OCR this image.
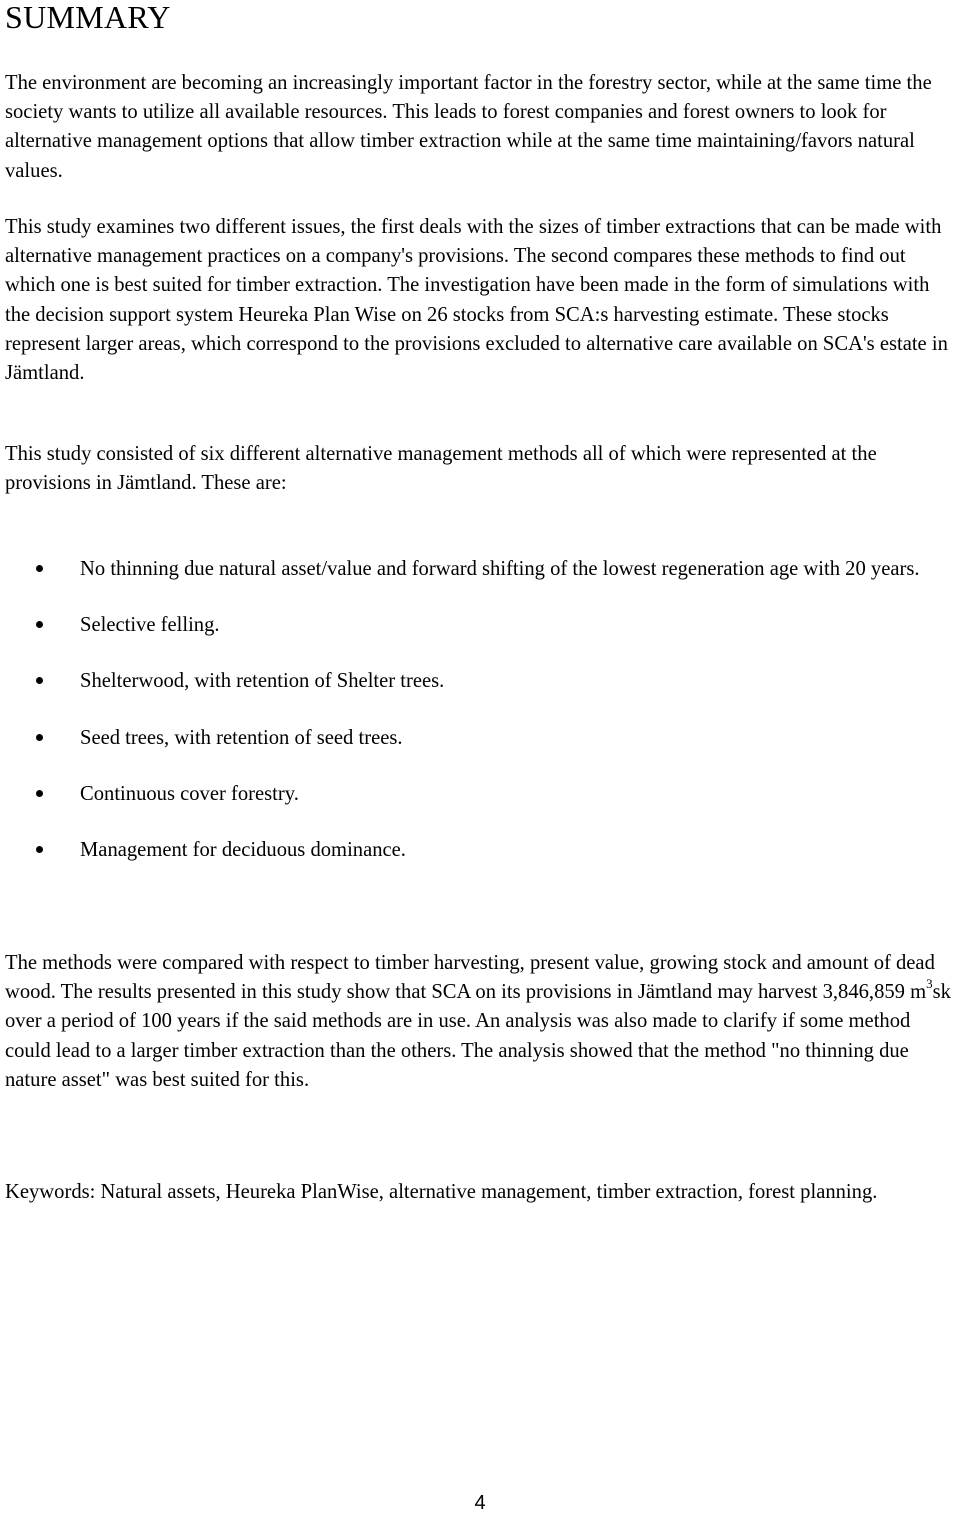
SUMMARY

The environment are becoming an increasingly important factor in the forestry sector, while at the same time the society wants to utilize all available resources. This leads to forest companies and forest owners to look for alternative management options that allow timber extraction while at the same time maintaining/favors natural values.

This study examines two different issues, the first deals with the sizes of timber extractions that can be made with alternative management practices on a company's provisions. The second compares these methods to find out which one is best suited for timber extraction. The investigation have been made in the form of simulations with the decision support system Heureka Plan Wise on 26 stocks from SCA:s harvesting estimate. These stocks represent larger areas, which correspond to the provisions excluded to alternative care available on SCA's estate in Jämtland.

This study consisted of six different alternative management methods all of which were represented at the provisions in Jämtland. These are:

No thinning due natural asset/value and forward shifting of the lowest regeneration age with 20 years.
Selective felling.
Shelterwood, with retention of Shelter trees.
Seed trees, with retention of seed trees.
Continuous cover forestry.
Management for deciduous dominance.

The methods were compared with respect to timber harvesting, present value, growing stock and amount of dead wood. The results presented in this study show that SCA on its provisions in Jämtland may harvest 3,846,859 $m^3sk$ over a period of 100 years if the said methods are in use. An analysis was also made to clarify if some method could lead to a larger timber extraction than the others. The analysis showed that the method "no thinning due nature asset" was best suited for this.

Keywords: Natural assets, Heureka PlanWise, alternative management, timber extraction, forest planning.

4
